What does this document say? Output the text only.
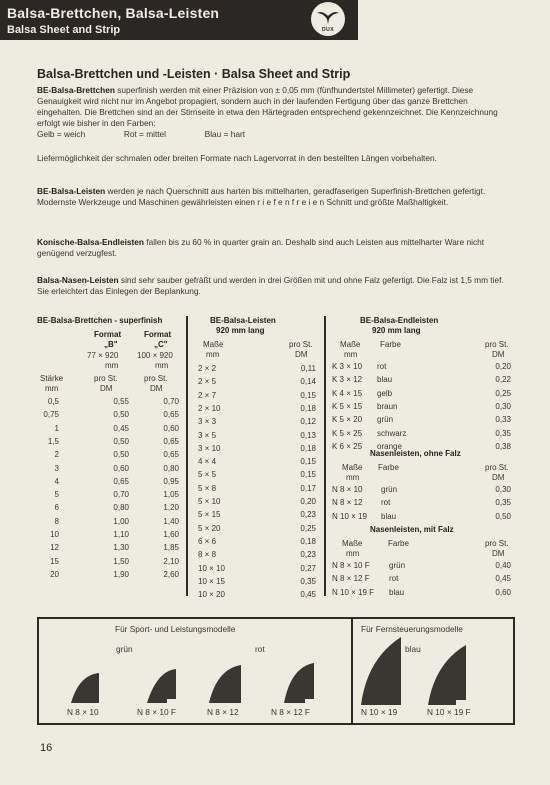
Balsa-Brettchen, Balsa-Leisten
Balsa Sheet and Strip	DUX
Balsa-Brettchen und -Leisten · Balsa Sheet and Strip
BE-Balsa-Brettchen superfinish werden mit einer Präzision von ± 0,05 mm (fünfhundertstel Millimeter) gefertigt. Diese Genauigkeit wird nicht nur im Angebot propagiert, sondern auch in der laufenden Fertigung über das ganze Brettchen eingehalten. Die Brettchen sind an der Stirnseite in etwa den Härtegraden entsprechend gekennzeichnet. Die Kennzeichnung erfolgt wie bisher in den Farben:
Gelb = weich	Rot = mittel	Blau = hart
Liefermöglichkeit der schmalen oder breiten Formate nach Lagervorrat in den bestellten Längen vorbehalten.
BE-Balsa-Leisten werden je nach Querschnitt aus harten bis mittelharten, geradfaserigen Superfinish-Brettchen gefertigt. Modernste Werkzeuge und Maschinen gewährleisten einen r i e f e n f r e i e n Schnitt und größte Maßhaltigkeit.
Konische-Balsa-Endleisten fallen bis zu 60 % in quarter grain an. Deshalb sind auch Leisten aus mittelharter Ware nicht genügend verzugfest.
Balsa-Nasen-Leisten sind sehr sauber gefräßt und werden in drei Größen mit und ohne Falz gefertigt. Die Falz ist 1,5 mm tief. Sie erleichtert das Einlegen der Beplankung.
BE-Balsa-Brettchen - superfinish
Format	Format
„B"	„C"
77 × 920 100 × 920
mm	mm
Stärke
mm
pro St.
DM
pro St.
DM
0,5	0,55	0,70
0,75	0,50	0,65
1	0,45	0,60
1,5	0,50	0,65
2	0,50	0,65
3	0,60	0,80
4	0,65	0,95
5	0,70	1,05
6	0,80	1,20
8	1,00	1,40
10	1,10	1,60
12	1,30	1,85
15	1,50	2,10
20	1,90	2,60
BE-Balsa-Leisten
920 mm lang
Maße
mm
pro St.
DM
2 × 2	0,11
2 × 5	0,14
2 × 7	0,15
2 × 10	0,18
3 × 3	0,12
3 × 5	0,13
3 × 10	0,18
4 × 4	0,15
5 × 5	0,15
5 × 8	0,17
5 × 10	0,20
5 × 15	0,23
5 × 20	0,25
6 × 6	0,18
8 × 8	0,23
10 × 10	0,27
10 × 15	0,35
10 × 20	0,45
BE-Balsa-Endleisten
920 mm lang
Maße
mm
Farbe	pro St.
DM
K 3 × 10	rot	0,20
K 3 × 12	blau	0,22
K 4 × 15	gelb	0,25
K 5 × 15	braun	0,30
K 5 × 20	grün	0,33
K 5 × 25	schwarz	0,35
K 6 × 25	orange	0,38
Nasenleisten, ohne Falz
Maße
mm
Farbe	pro St.
DM
N 8 × 10	grün	0,30
N 8 × 12	rot	0,35
N 10 × 19	blau	0,50
Nasenleisten, mit Falz
Maße
mm
Farbe	pro St.
DM
N 8 × 10 F	grün	0,40
N 8 × 12 F	rot	0,45
N 10 × 19 F	blau	0,60
Für Sport- und Leistungsmodelle	Für Fernsteuerungsmodelle
grün	rot	blau
N 8 × 10	N 8 × 10 F	N 8 × 12	N 8 × 12 F	N 10 × 19	N 10 × 19 F
16
